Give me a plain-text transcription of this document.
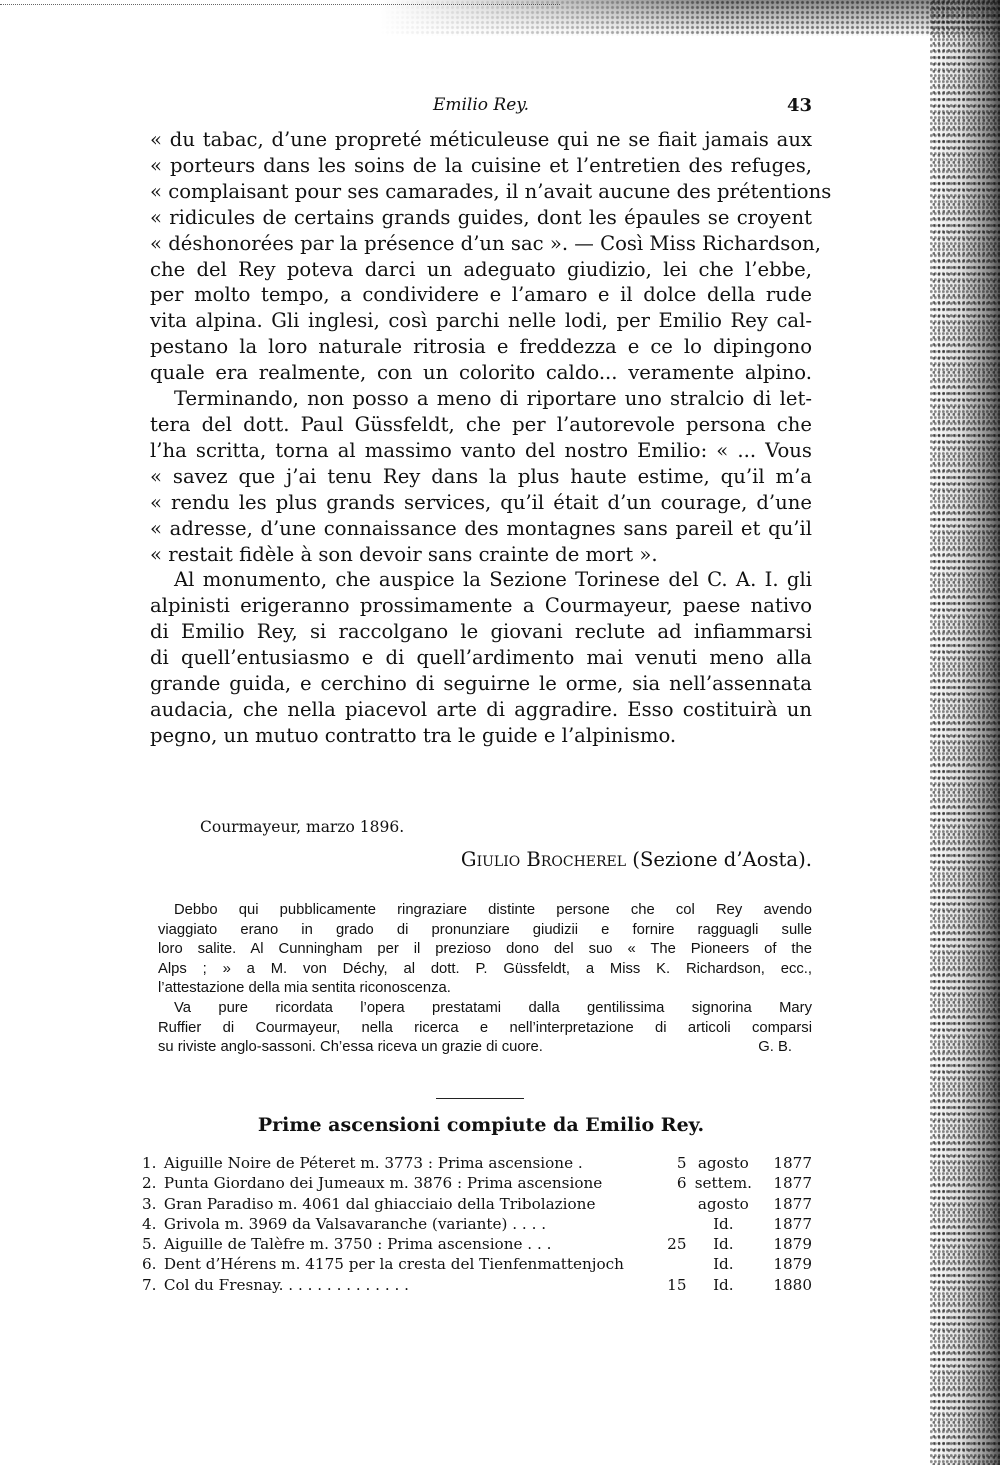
Emilio Rey.	43
« du tabac, d’une propreté méticuleuse qui ne se fiait jamais aux
« porteurs dans les soins de la cuisine et l’entretien des refuges,
« complaisant pour ses camarades, il n’avait aucune des prétentions
« ridicules de certains grands guides, dont les épaules se croyent
« déshonorées par la présence d’un sac ». — Così Miss Richardson,
che del Rey poteva darci un adeguato giudizio, lei che l’ebbe,
per molto tempo, a condividere e l’amaro e il dolce della rude
vita alpina. Gli inglesi, così parchi nelle lodi, per Emilio Rey cal-
pestano la loro naturale ritrosia e freddezza e ce lo dipingono
quale era realmente, con un colorito caldo... veramente alpino.
Terminando, non posso a meno di riportare uno stralcio di let-
tera del dott. Paul Güssfeldt, che per l’autorevole persona che
l’ha scritta, torna al massimo vanto del nostro Emilio: « ... Vous
« savez que j’ai tenu Rey dans la plus haute estime, qu’il m’a
« rendu les plus grands services, qu’il était d’un courage, d’une
« adresse, d’une connaissance des montagnes sans pareil et qu’il
« restait fidèle à son devoir sans crainte de mort ».
Al monumento, che auspice la Sezione Torinese del C. A. I. gli
alpinisti erigeranno prossimamente a Courmayeur, paese nativo
di Emilio Rey, si raccolgano le giovani reclute ad infiammarsi
di quell’entusiasmo e di quell’ardimento mai venuti meno alla
grande guida, e cerchino di seguirne le orme, sia nell’assennata
audacia, che nella piacevol arte di aggradire. Esso costituirà un
pegno, un mutuo contratto tra le guide e l’alpinismo.
Courmayeur, marzo 1896.
Giulio Brocherel (Sezione d’Aosta).
Debbo qui pubblicamente ringraziare distinte persone che col Rey avendo
viaggiato erano in grado di pronunziare giudizii e fornire ragguagli sulle
loro salite. Al Cunningham per il prezioso dono del suo « The Pioneers of the
Alps ; » a M. von Déchy, al dott. P. Güssfeldt, a Miss K. Richardson, ecc.,
l’attestazione della mia sentita riconoscenza.
Va pure ricordata l’opera prestatami dalla gentilissima signorina Mary
Ruffier di Courmayeur, nella ricerca e nell’interpretazione di articoli comparsi
su riviste anglo-sassoni. Ch’essa riceva un grazie di cuore.	G. B.
Prime ascensioni compiute da Emilio Rey.
1.	Aiguille Noire de Péteret m. 3773 : Prima ascensione .	5	agosto	1877
2.	Punta Giordano dei Jumeaux m. 3876 : Prima ascensione	6	settem.	1877
3.	Gran Paradiso m. 4061 dal ghiacciaio della Tribolazione		agosto	1877
4.	Grivola m. 3969 da Valsavaranche (variante) . . . .		Id.	1877
5.	Aiguille de Talèfre m. 3750 : Prima ascensione . . .	25	Id.	1879
6.	Dent d’Hérens m. 4175 per la cresta del Tienfenmattenjoch		Id.	1879
7.	Col du Fresnay. . . . . . . . . . . . . .	15	Id.	1880
